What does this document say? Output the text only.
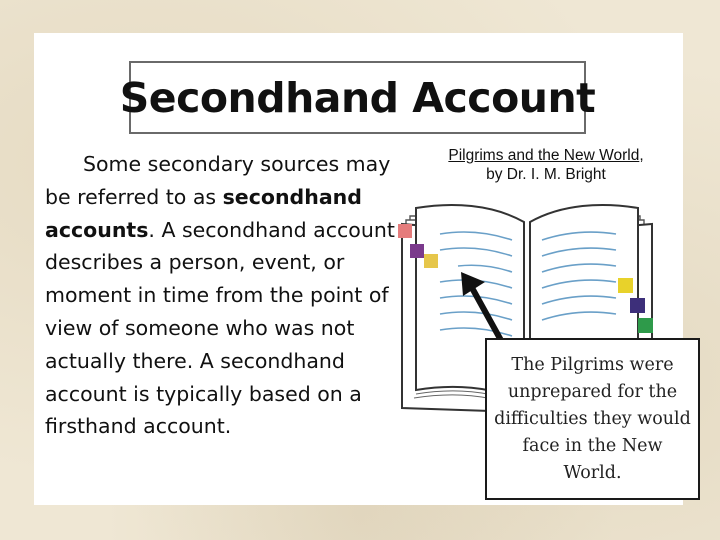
Secondhand Account
Some secondary sources may be referred to as secondhand accounts. A secondhand account describes a person, event, or moment in time from the point of view of someone who was not actually there. A secondhand account is typically based on a firsthand account.
Pilgrims and the New World,
by Dr. I. M. Bright
The Pilgrims were unprepared for the difficulties they would face in the New World.
